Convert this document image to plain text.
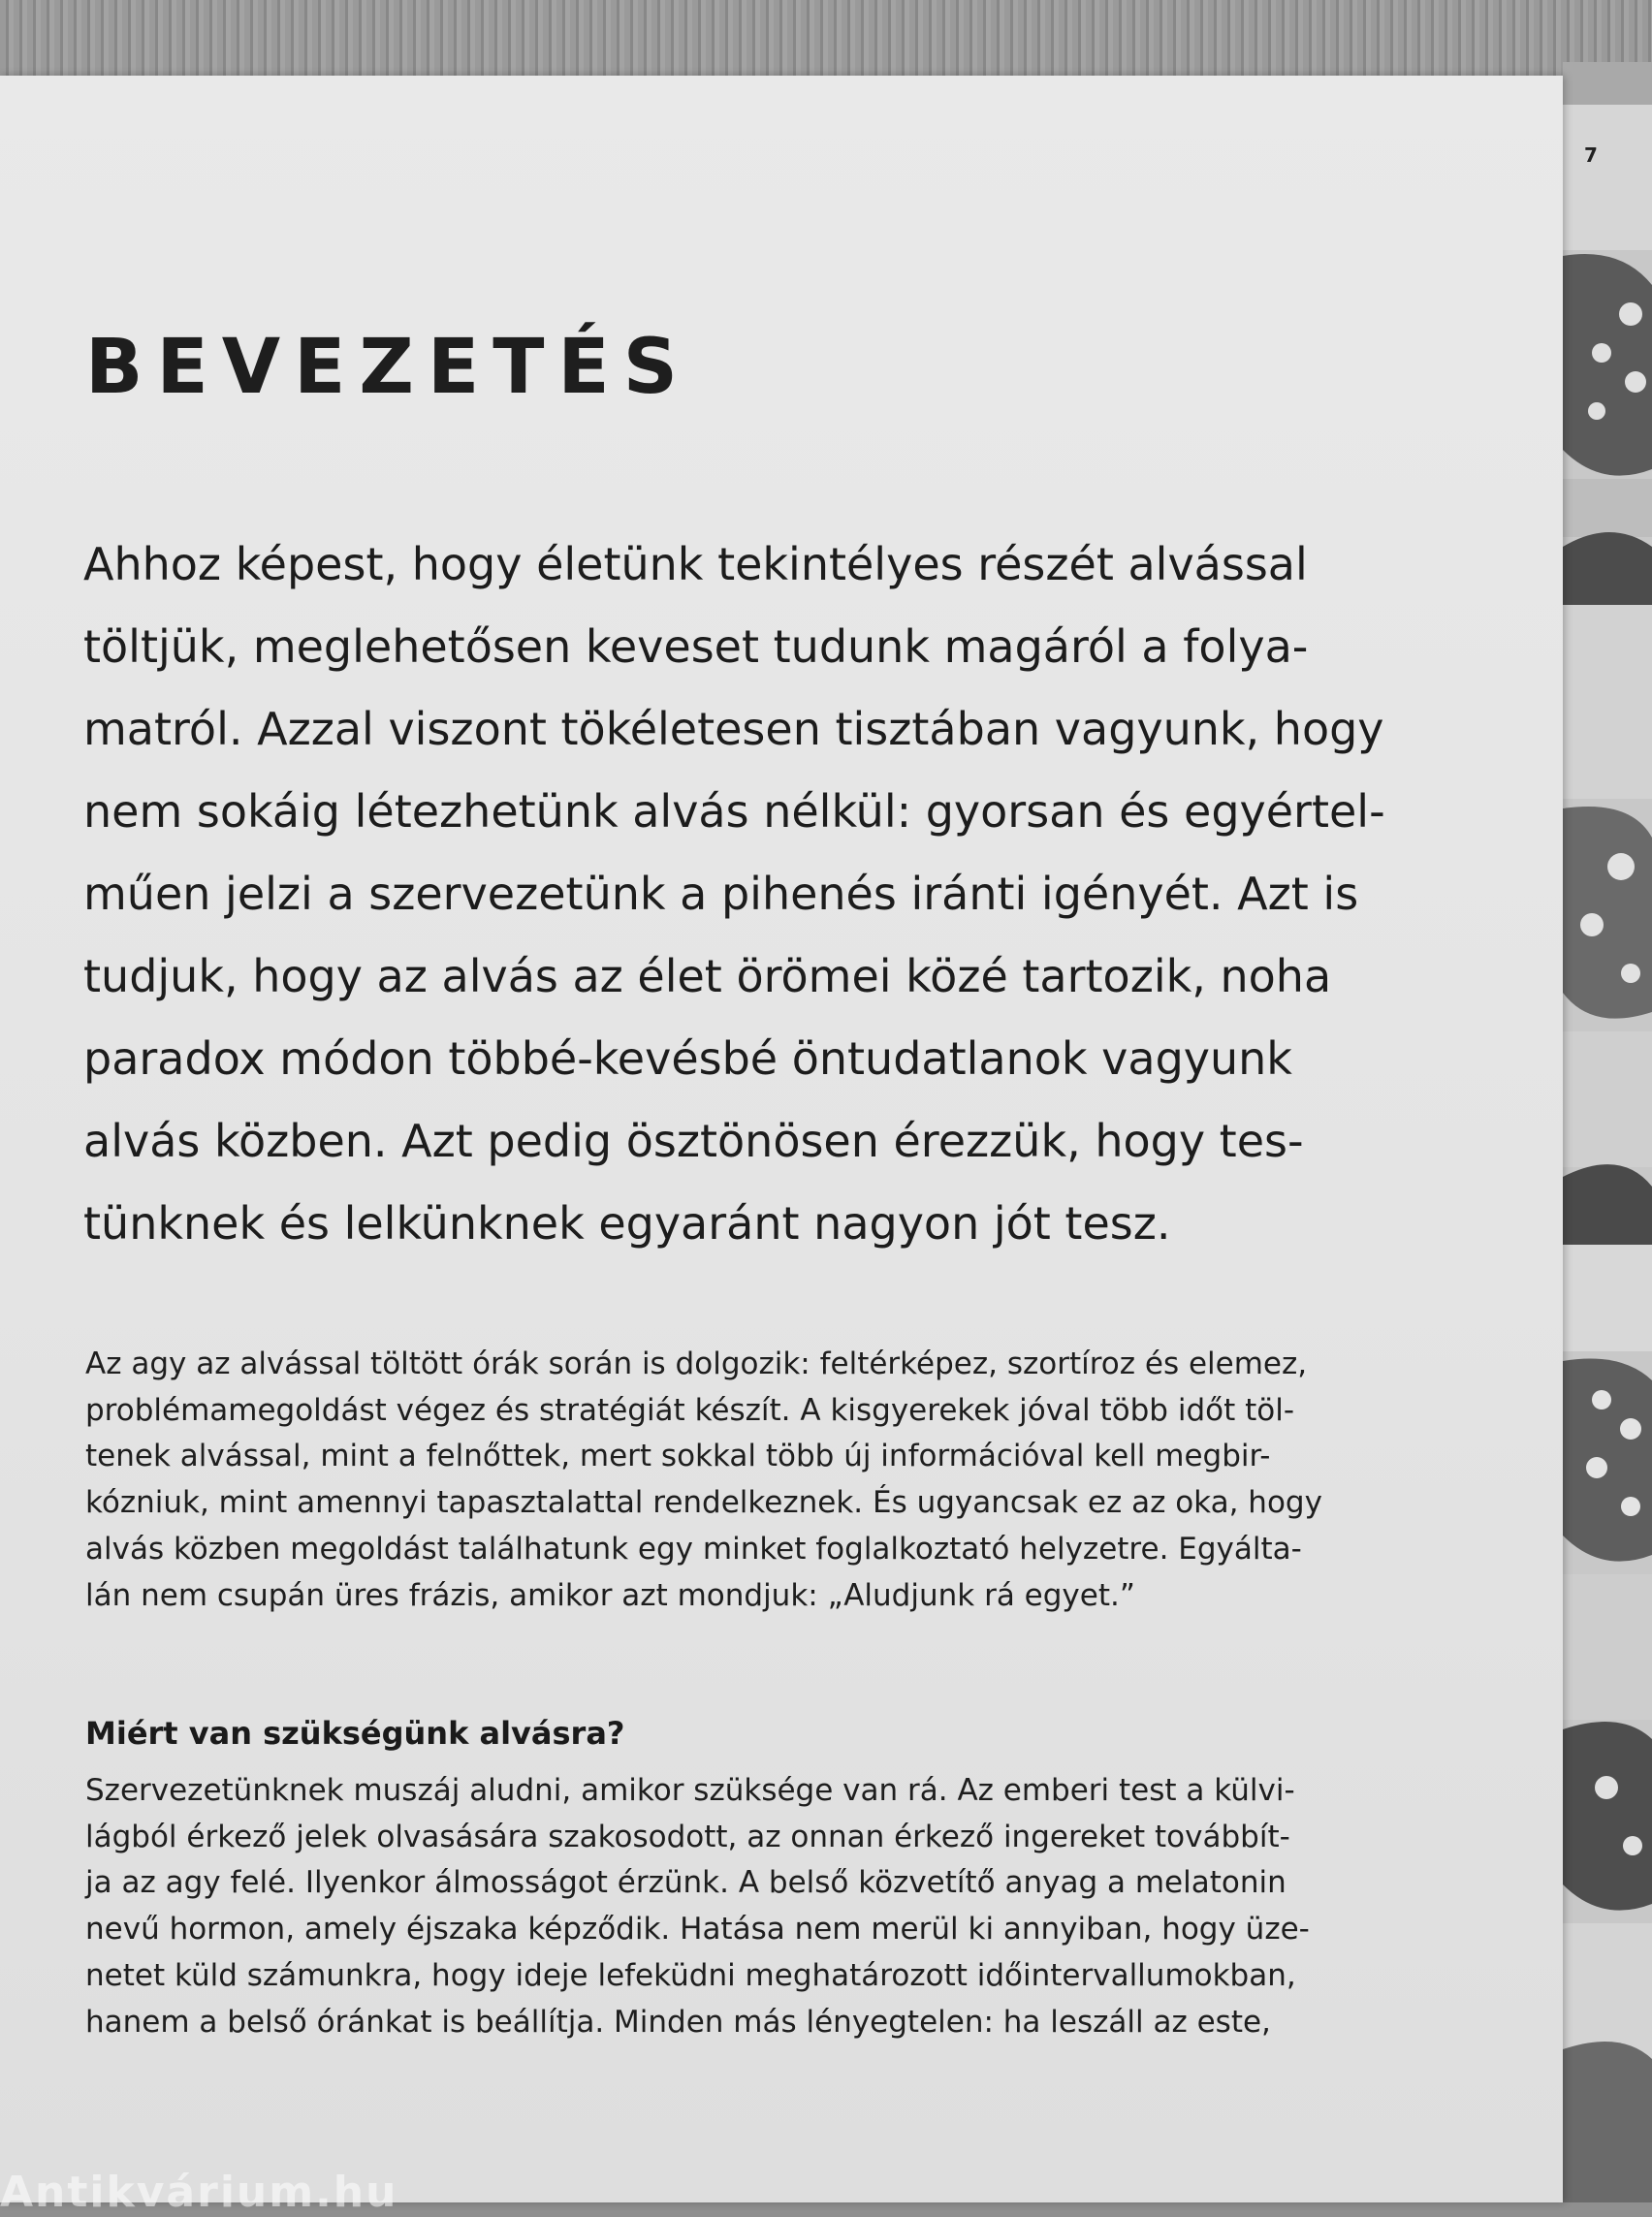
7
BEVEZETÉS
Ahhoz képest, hogy életünk tekintélyes részét alvással
töltjük, meglehetősen keveset tudunk magáról a folya-
matról. Azzal viszont tökéletesen tisztában vagyunk, hogy
nem sokáig létezhetünk alvás nélkül: gyorsan és egyértel-
műen jelzi a szervezetünk a pihenés iránti igényét. Azt is
tudjuk, hogy az alvás az élet örömei közé tartozik, noha
paradox módon többé-kevésbé öntudatlanok vagyunk
alvás közben. Azt pedig ösztönösen érezzük, hogy tes-
tünknek és lelkünknek egyaránt nagyon jót tesz.
Az agy az alvással töltött órák során is dolgozik: feltérképez, szortíroz és elemez,
problémamegoldást végez és stratégiát készít. A kisgyerekek jóval több időt töl-
tenek alvással, mint a felnőttek, mert sokkal több új információval kell megbir-
kózniuk, mint amennyi tapasztalattal rendelkeznek. És ugyancsak ez az oka, hogy
alvás közben megoldást találhatunk egy minket foglalkoztató helyzetre. Egyálta-
lán nem csupán üres frázis, amikor azt mondjuk: „Aludjunk rá egyet.”
Miért van szükségünk alvásra?
Szervezetünknek muszáj aludni, amikor szüksége van rá. Az emberi test a külvi-
lágból érkező jelek olvasására szakosodott, az onnan érkező ingereket továbbít-
ja az agy felé. Ilyenkor álmosságot érzünk. A belső közvetítő anyag a melatonin
nevű hormon, amely éjszaka képződik. Hatása nem merül ki annyiban, hogy üze-
netet küld számunkra, hogy ideje lefeküdni meghatározott időintervallumokban,
hanem a belső óránkat is beállítja. Minden más lényegtelen: ha leszáll az este,
Antikvárium.hu
